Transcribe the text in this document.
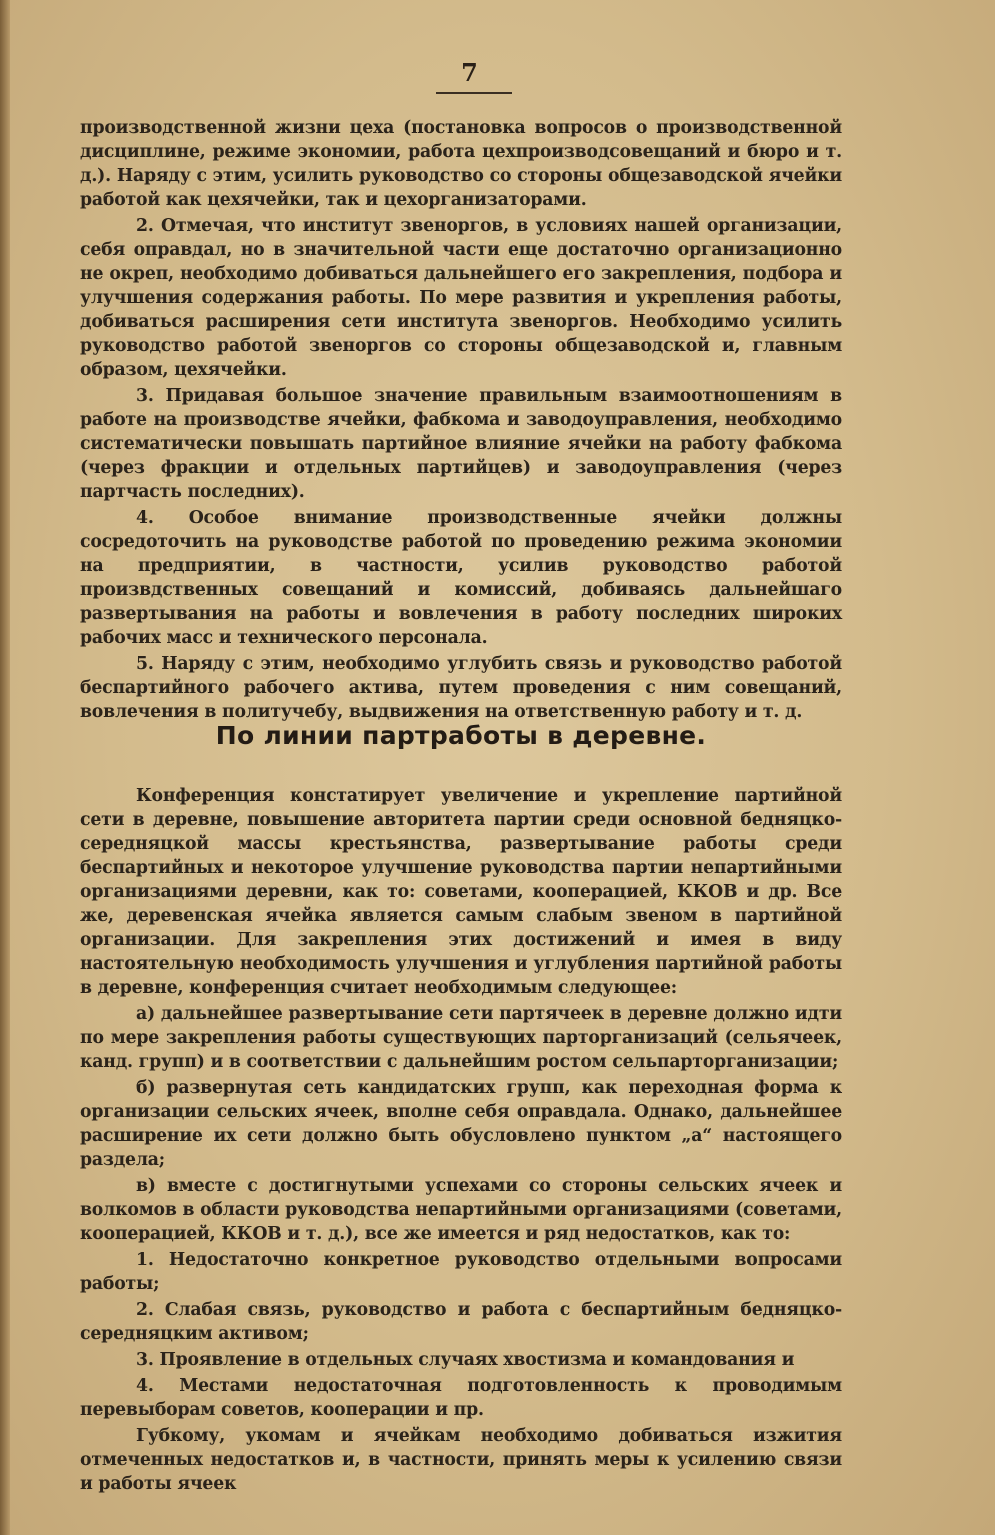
7

производственной жизни цеха (постановка вопросов о производственной дисциплине, режиме экономии, работа цехпроизводсовещаний и бюро и т. д.). Наряду с этим, усилить руководство со стороны общезаводской ячейки работой как цехячейки, так и цехорганизаторами.

2. Отмечая, что институт звеноргов, в условиях нашей организации, себя оправдал, но в значительной части еще достаточно организационно не окреп, необходимо добиваться дальнейшего его закрепления, подбора и улучшения содержания работы. По мере развития и укрепления работы, добиваться расширения сети института звеноргов. Необходимо усилить руководство работой звеноргов со стороны общезаводской и, главным образом, цехячейки.

3. Придавая большое значение правильным взаимоотношениям в работе на производстве ячейки, фабкома и заводоуправления, необходимо систематически повышать партийное влияние ячейки на работу фабкома (через фракции и отдельных партийцев) и заводоуправления (через партчасть последних).

4. Особое внимание производственные ячейки должны сосредоточить на руководстве работой по проведению режима экономии на предприятии, в частности, усилив руководство работой произвдственных совещаний и комиссий, добиваясь дальнейшаго развертывания на работы и вовлечения в работу последних широких рабочих масс и технического персонала.

5. Наряду с этим, необходимо углубить связь и руководство работой беспартийного рабочего актива, путем проведения с ним совещаний, вовлечения в политучебу, выдвижения на ответственную работу и т. д.

По линии партработы в деревне.

Конференция констатирует увеличение и укрепление партийной сети в деревне, повышение авторитета партии среди основной бедняцко-середняцкой массы крестьянства, развертывание работы среди беспартийных и некоторое улучшение руководства партии непартийными организациями деревни, как то: советами, кооперацией, ККОВ и др. Все же, деревенская ячейка является самым слабым звеном в партийной организации. Для закрепления этих достижений и имея в виду настоятельную необходимость улучшения и углубления партийной работы в деревне, конференция считает необходимым следующее:

а) дальнейшее развертывание сети партячеек в деревне должно идти по мере закрепления работы существующих парторганизаций (сельячеек, канд. групп) и в соответствии с дальнейшим ростом сельпарторганизации;

б) развернутая сеть кандидатских групп, как переходная форма к организации сельских ячеек, вполне себя оправдала. Однако, дальнейшее расширение их сети должно быть обусловлено пунктом „а“ настоящего раздела;

в) вместе с достигнутыми успехами со стороны сельских ячеек и волкомов в области руководства непартийными организациями (советами, кооперацией, ККОВ и т. д.), все же имеется и ряд недостатков, как то:

1. Недостаточно конкретное руководство отдельными вопросами работы;

2. Слабая связь, руководство и работа с беспартийным бедняцко-середняцким активом;

3. Проявление в отдельных случаях хвостизма и командования и

4. Местами недостаточная подготовленность к проводимым перевыборам советов, кооперации и пр.

Губкому, укомам и ячейкам необходимо добиваться изжития отмеченных недостатков и, в частности, принять меры к усилению связи и работы ячеек
